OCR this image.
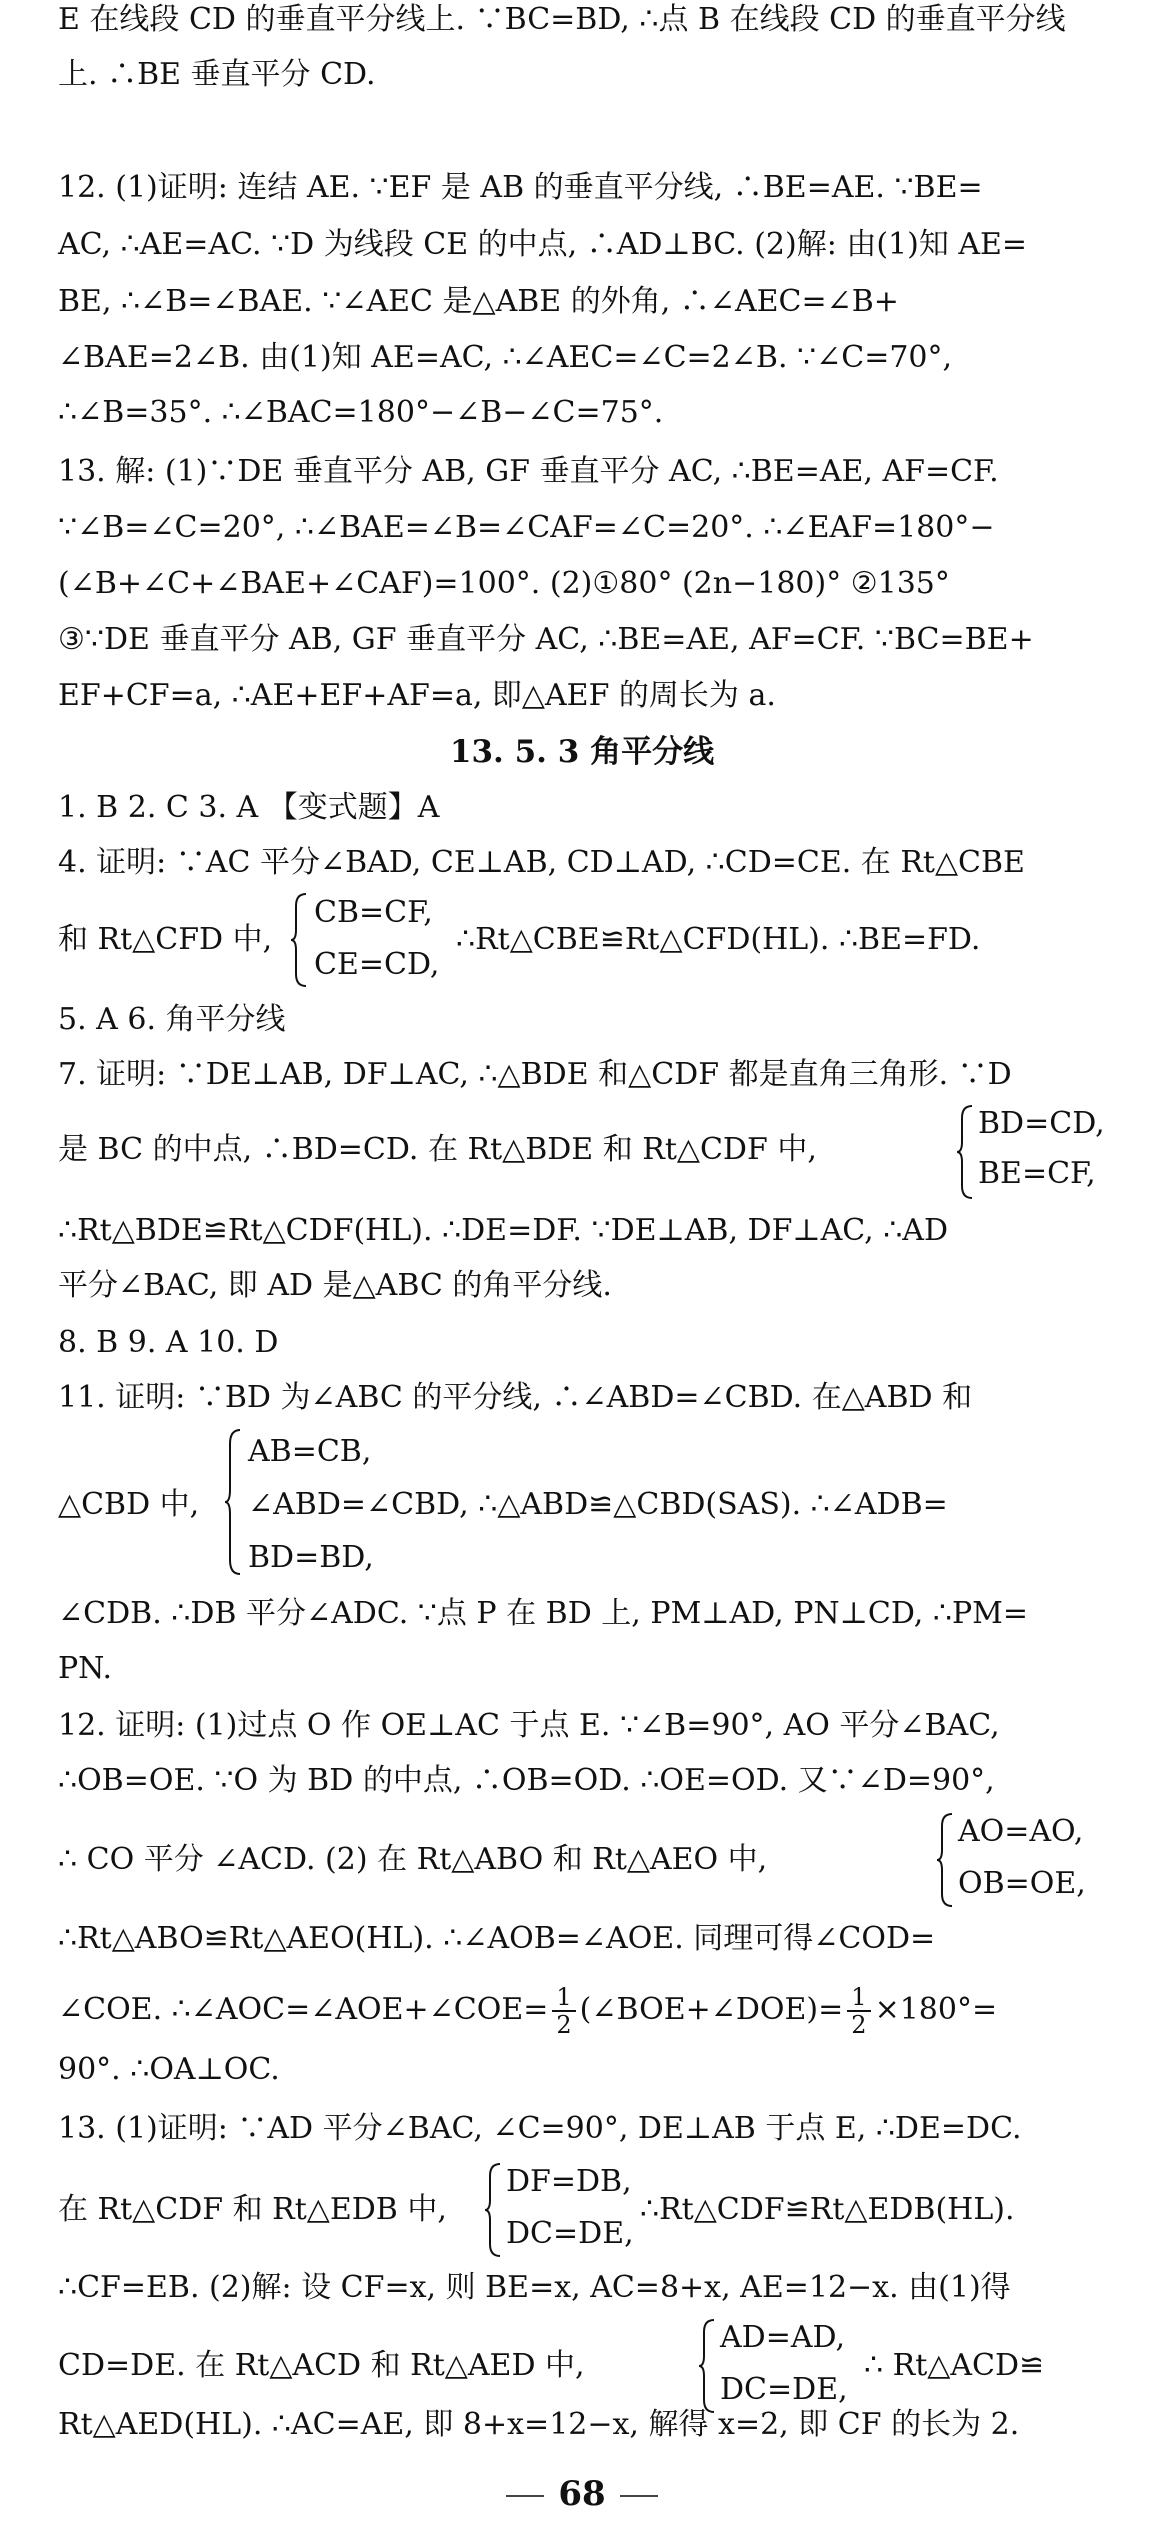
E 在线段 CD 的垂直平分线上. ∵BC=BD, ∴点 B 在线段 CD 的垂直平分线
上. ∴BE 垂直平分 CD.
12. (1)证明: 连结 AE. ∵EF 是 AB 的垂直平分线, ∴BE=AE. ∵BE=
AC, ∴AE=AC. ∵D 为线段 CE 的中点, ∴AD⊥BC. (2)解: 由(1)知 AE=
BE, ∴∠B=∠BAE. ∵∠AEC 是△ABE 的外角, ∴∠AEC=∠B+
∠BAE=2∠B. 由(1)知 AE=AC, ∴∠AEC=∠C=2∠B. ∵∠C=70°,
∴∠B=35°. ∴∠BAC=180°−∠B−∠C=75°.
13. 解: (1)∵DE 垂直平分 AB, GF 垂直平分 AC, ∴BE=AE, AF=CF.
∵∠B=∠C=20°, ∴∠BAE=∠B=∠CAF=∠C=20°. ∴∠EAF=180°−
(∠B+∠C+∠BAE+∠CAF)=100°. (2)①80° (2n−180)° ②135°
③∵DE 垂直平分 AB, GF 垂直平分 AC, ∴BE=AE, AF=CF. ∵BC=BE+
EF+CF=a, ∴AE+EF+AF=a, 即△AEF 的周长为 a.
13. 5. 3 角平分线
1. B 2. C 3. A 【变式题】A
4. 证明: ∵AC 平分∠BAD, CE⊥AB, CD⊥AD, ∴CD=CE. 在 Rt△CBE
和 Rt△CFD 中,
CB=CF,
CE=CD,
∴Rt△CBE≌Rt△CFD(HL). ∴BE=FD.
5. A 6. 角平分线
7. 证明: ∵DE⊥AB, DF⊥AC, ∴△BDE 和△CDF 都是直角三角形. ∵D
是 BC 的中点, ∴BD=CD. 在 Rt△BDE 和 Rt△CDF 中,
BD=CD,
BE=CF,
∴Rt△BDE≌Rt△CDF(HL). ∴DE=DF. ∵DE⊥AB, DF⊥AC, ∴AD
平分∠BAC, 即 AD 是△ABC 的角平分线.
8. B 9. A 10. D
11. 证明: ∵BD 为∠ABC 的平分线, ∴∠ABD=∠CBD. 在△ABD 和
△CBD 中,
AB=CB,
∠ABD=∠CBD, ∴△ABD≌△CBD(SAS). ∴∠ADB=
BD=BD,
∠CDB. ∴DB 平分∠ADC. ∵点 P 在 BD 上, PM⊥AD, PN⊥CD, ∴PM=
PN.
12. 证明: (1)过点 O 作 OE⊥AC 于点 E. ∵∠B=90°, AO 平分∠BAC,
∴OB=OE. ∵O 为 BD 的中点, ∴OB=OD. ∴OE=OD. 又∵∠D=90°,
∴ CO 平分 ∠ACD. (2) 在 Rt△ABO 和 Rt△AEO 中,
AO=AO,
OB=OE,
∴Rt△ABO≌Rt△AEO(HL). ∴∠AOB=∠AOE. 同理可得∠COD=
∠COE. ∴∠AOC=∠AOE+∠COE= $\frac{1}{2}$ (∠BOE+∠DOE)= $\frac{1}{2} \times 180^\circ=$
90°. ∴OA⊥OC.
13. (1)证明: ∵AD 平分∠BAC, ∠C=90°, DE⊥AB 于点 E, ∴DE=DC.
在 Rt△CDF 和 Rt△EDB 中,
DF=DB,
DC=DE,
∴Rt△CDF≌Rt△EDB(HL).
∴CF=EB. (2)解: 设 CF=x, 则 BE=x, AC=8+x, AE=12−x. 由(1)得
CD=DE. 在 Rt△ACD 和 Rt△AED 中,
AD=AD,
DC=DE,
∴ Rt△ACD≌
Rt△AED(HL). ∴AC=AE, 即 8+x=12−x, 解得 x=2, 即 CF 的长为 2.
68
